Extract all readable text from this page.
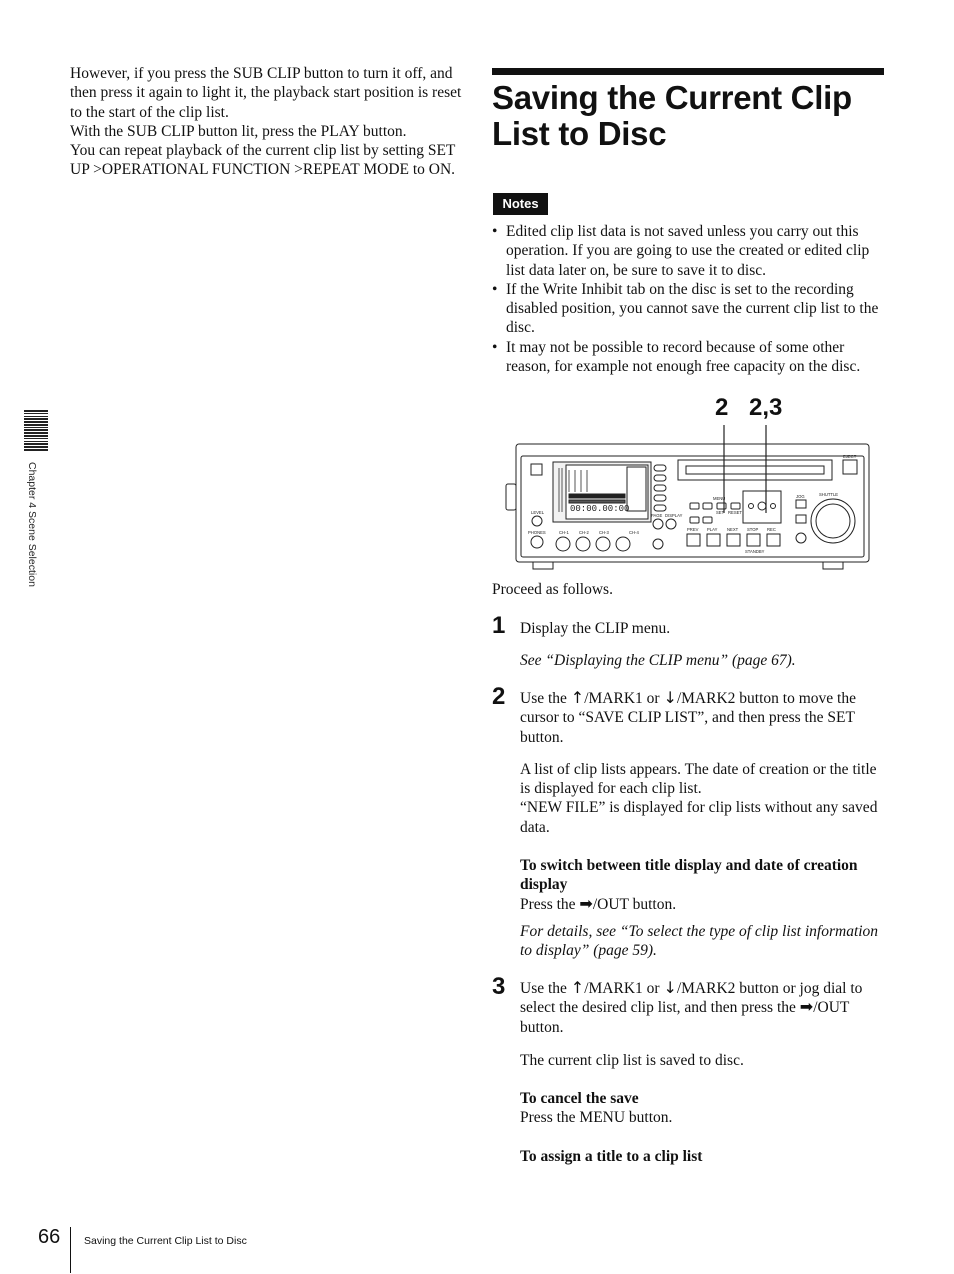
However, if you press the SUB CLIP button to turn it off, and then press it again to light it, the playback start position is reset to the start of the clip list.

With the SUB CLIP button lit, press the PLAY button.

You can repeat playback of the current clip list by setting SET UP >OPERATIONAL FUNCTION >REPEAT MODE to ON.

Saving the Current Clip List to Disc
Notes
• Edited clip list data is not saved unless you carry out this operation. If you are going to use the created or edited clip list data later on, be sure to save it to disc.
• If the Write Inhibit tab on the disc is set to the recording disabled position, you cannot save the current clip list to the disc.
• It may not be possible to record because of some other reason, for example not enough free capacity on the disc.
2 2,3
00:00.00:00
EJECT
PREV PLAY NEXT STOP REC
MENU
SET RESET
STANDBY
CH-1 CH-2 CH-3	CH-4
LEVEL
PHONES
PAGE DISPLAY
SHUTTLE
JOG

Proceed as follows.

1 Display the CLIP menu.

See “Displaying the CLIP menu” (page 67).

2 Use the ↑/MARK1 or ↓/MARK2 button to move the cursor to “SAVE CLIP LIST”, and then press the SET button.

A list of clip lists appears. The date of creation or the title is displayed for each clip list.

“NEW FILE” is displayed for clip lists without any saved data.

To switch between title display and date of creation display

Press the ➡/OUT button.

For details, see “To select the type of clip list information to display” (page 59).

3 Use the ↑/MARK1 or ↓/MARK2 button or jog dial to select the desired clip list, and then press the ➡/OUT button.

The current clip list is saved to disc.

To cancel the save

Press the MENU button.

To assign a title to a clip list

Chapter 4 Scene Selection
66 Saving the Current Clip List to Disc
